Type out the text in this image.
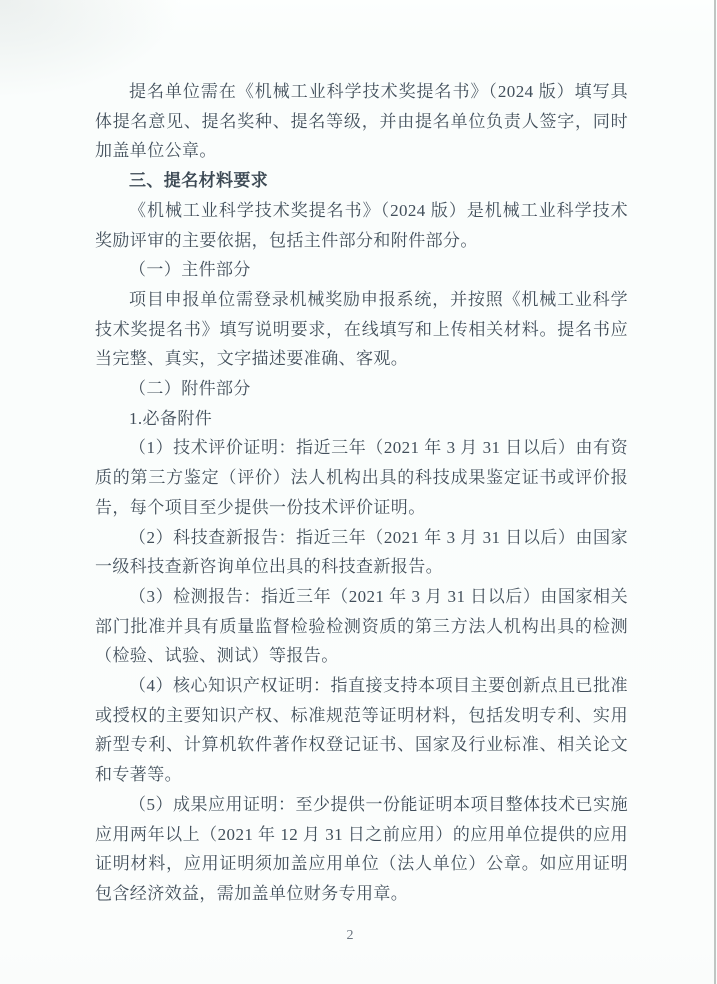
提名单位需在《机械工业科学技术奖提名书》（2024 版）填写具体提名意见、提名奖种、提名等级，并由提名单位负责人签字，同时加盖单位公章。

三、提名材料要求

《机械工业科学技术奖提名书》（2024 版）是机械工业科学技术奖励评审的主要依据，包括主件部分和附件部分。

（一）主件部分

项目申报单位需登录机械奖励申报系统，并按照《机械工业科学技术奖提名书》填写说明要求，在线填写和上传相关材料。提名书应当完整、真实，文字描述要准确、客观。

（二）附件部分

1.必备附件

（1）技术评价证明：指近三年（2021 年 3 月 31 日以后）由有资质的第三方鉴定（评价）法人机构出具的科技成果鉴定证书或评价报告，每个项目至少提供一份技术评价证明。

（2）科技查新报告：指近三年（2021 年 3 月 31 日以后）由国家一级科技查新咨询单位出具的科技查新报告。

（3）检测报告：指近三年（2021 年 3 月 31 日以后）由国家相关部门批准并具有质量监督检验检测资质的第三方法人机构出具的检测（检验、试验、测试）等报告。

（4）核心知识产权证明：指直接支持本项目主要创新点且已批准或授权的主要知识产权、标准规范等证明材料，包括发明专利、实用新型专利、计算机软件著作权登记证书、国家及行业标准、相关论文和专著等。

（5）成果应用证明：至少提供一份能证明本项目整体技术已实施应用两年以上（2021 年 12 月 31 日之前应用）的应用单位提供的应用证明材料，应用证明须加盖应用单位（法人单位）公章。如应用证明包含经济效益，需加盖单位财务专用章。

2
